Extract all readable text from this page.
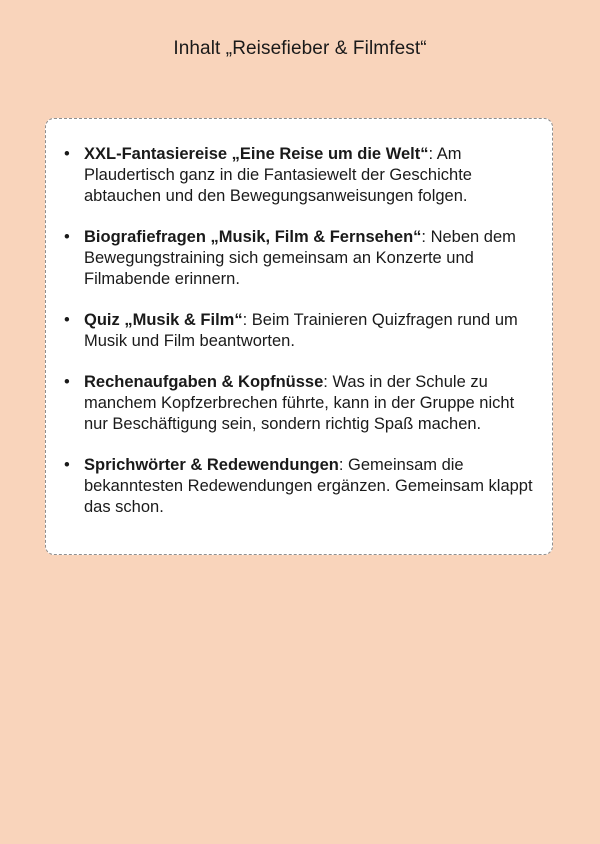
Inhalt „Reisefieber & Filmfest“
• XXL-Fantasiereise „Eine Reise um die Welt“: Am Plaudertisch ganz in die Fantasiewelt der Geschichte abtauchen und den Bewegungsanweisungen folgen.
• Biografiefragen „Musik, Film & Fernsehen“: Neben dem Bewegungstraining sich gemeinsam an Konzerte und Filmabende erinnern.
• Quiz „Musik & Film“: Beim Trainieren Quizfragen rund um Musik und Film beantworten.
• Rechenaufgaben & Kopfnüsse: Was in der Schule zu manchem Kopfzerbrechen führte, kann in der Gruppe nicht nur Beschäftigung sein, sondern richtig Spaß machen.
• Sprichwörter & Redewendungen: Gemeinsam die bekanntesten Redewendungen ergänzen. Gemeinsam klappt das schon.
